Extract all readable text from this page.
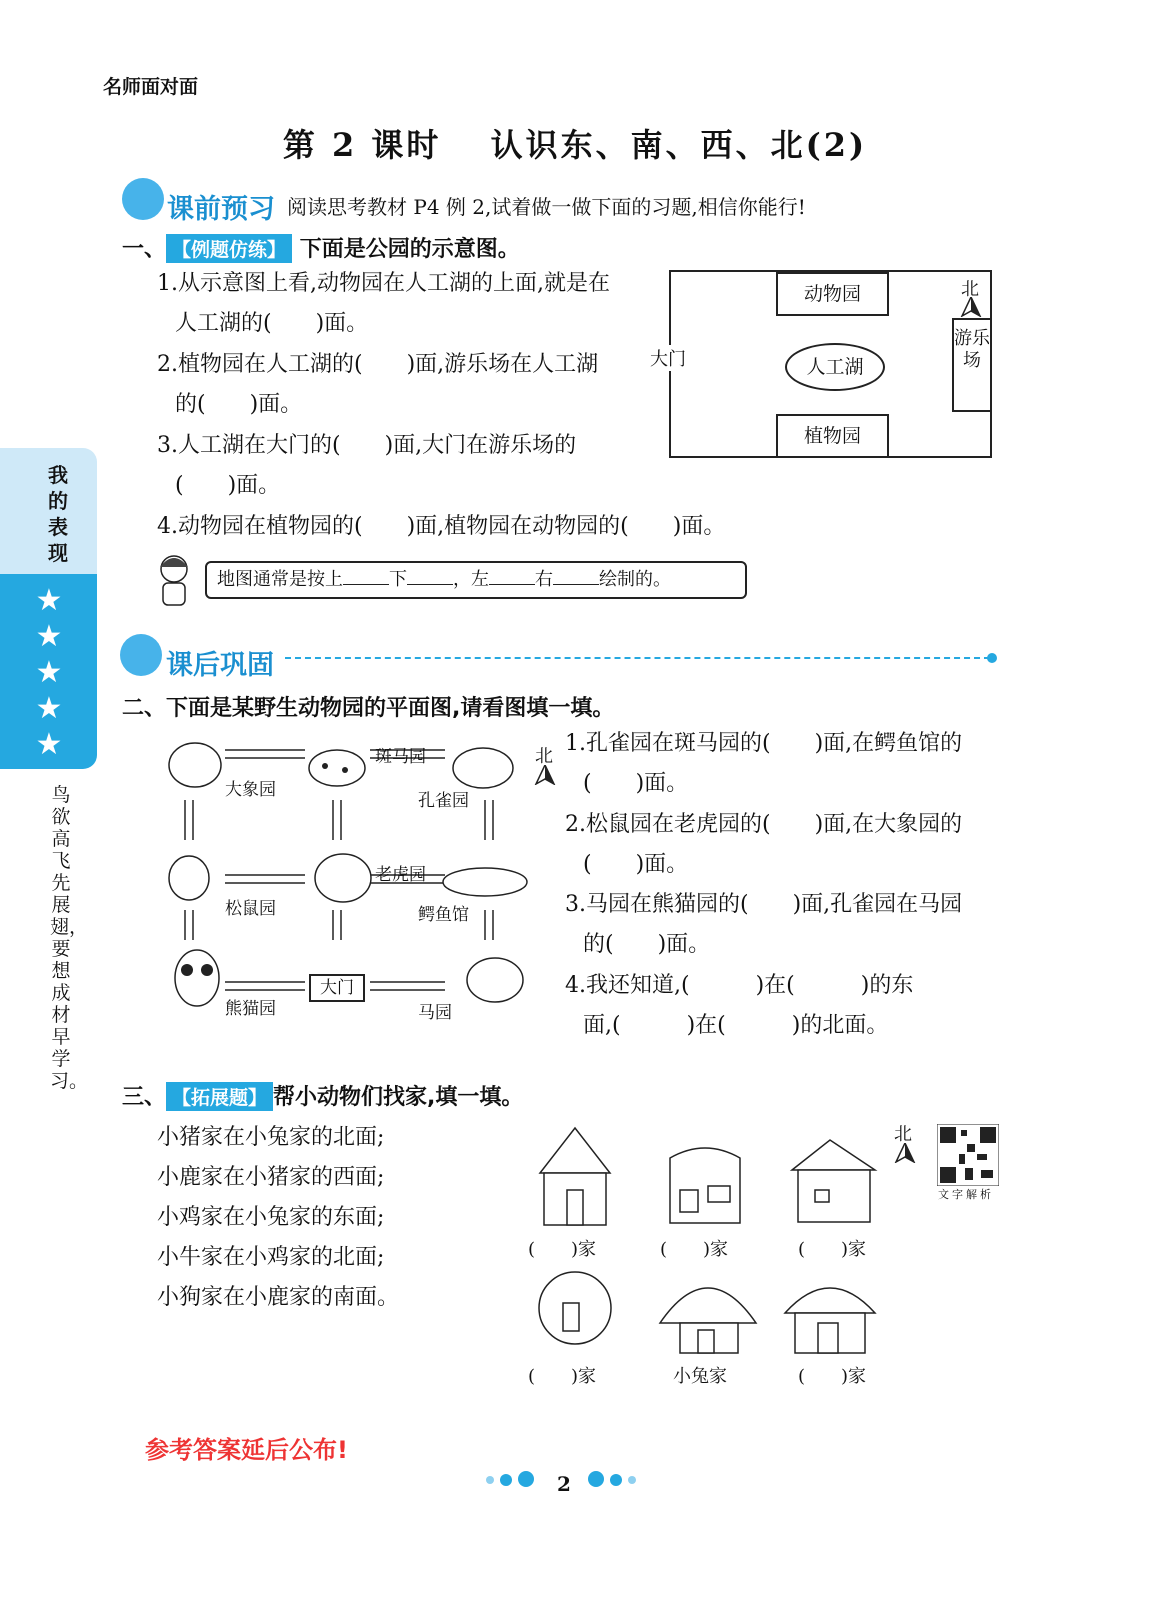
名师面对面
第 2 课时　 认识东、南、西、北(2)
我的表现
★
★
★
★
★
鸟欲高飞先展翅，要想成材早学习。
课前预习 阅读思考教材 P4 例 2,试着做一做下面的习题,相信你能行!
一、 【例题仿练】 下面是公园的示意图。
1.从示意图上看,动物园在人工湖的上面,就是在
人工湖的(　　)面。
2.植物园在人工湖的(　　)面,游乐场在人工湖
的(　　)面。
3.人工湖在大门的(　　)面,大门在游乐场的
(　　)面。
4.动物园在植物园的(　　)面,植物园在动物园的(　　)面。
动物园
植物园
人工湖
游乐场
大门
北
地图通常是按上	下	，左	右	绘制的。
课后巩固
二、下面是某野生动物园的平面图,请看图填一填。
大象园
斑马园
孔雀园
松鼠园
老虎园
鳄鱼馆
熊猫园
大门
马园
北
1.孔雀园在斑马园的(　　)面,在鳄鱼馆的
(　　)面。
2.松鼠园在老虎园的(　　)面,在大象园的
(　　)面。
3.马园在熊猫园的(　　)面,孔雀园在马园
的(　　)面。
4.我还知道,(　　　)在(　　　)的东
面,(　　　)在(　　　)的北面。
三、 【拓展题】 帮小动物们找家,填一填。
小猪家在小兔家的北面;
小鹿家在小猪家的西面;
小鸡家在小兔家的东面;
小牛家在小鸡家的北面;
小狗家在小鹿家的南面。
(　　)家	(　　)家	(　　)家
(　　)家	小兔家	(　　)家
北
文字解析
参考答案延后公布!
2
